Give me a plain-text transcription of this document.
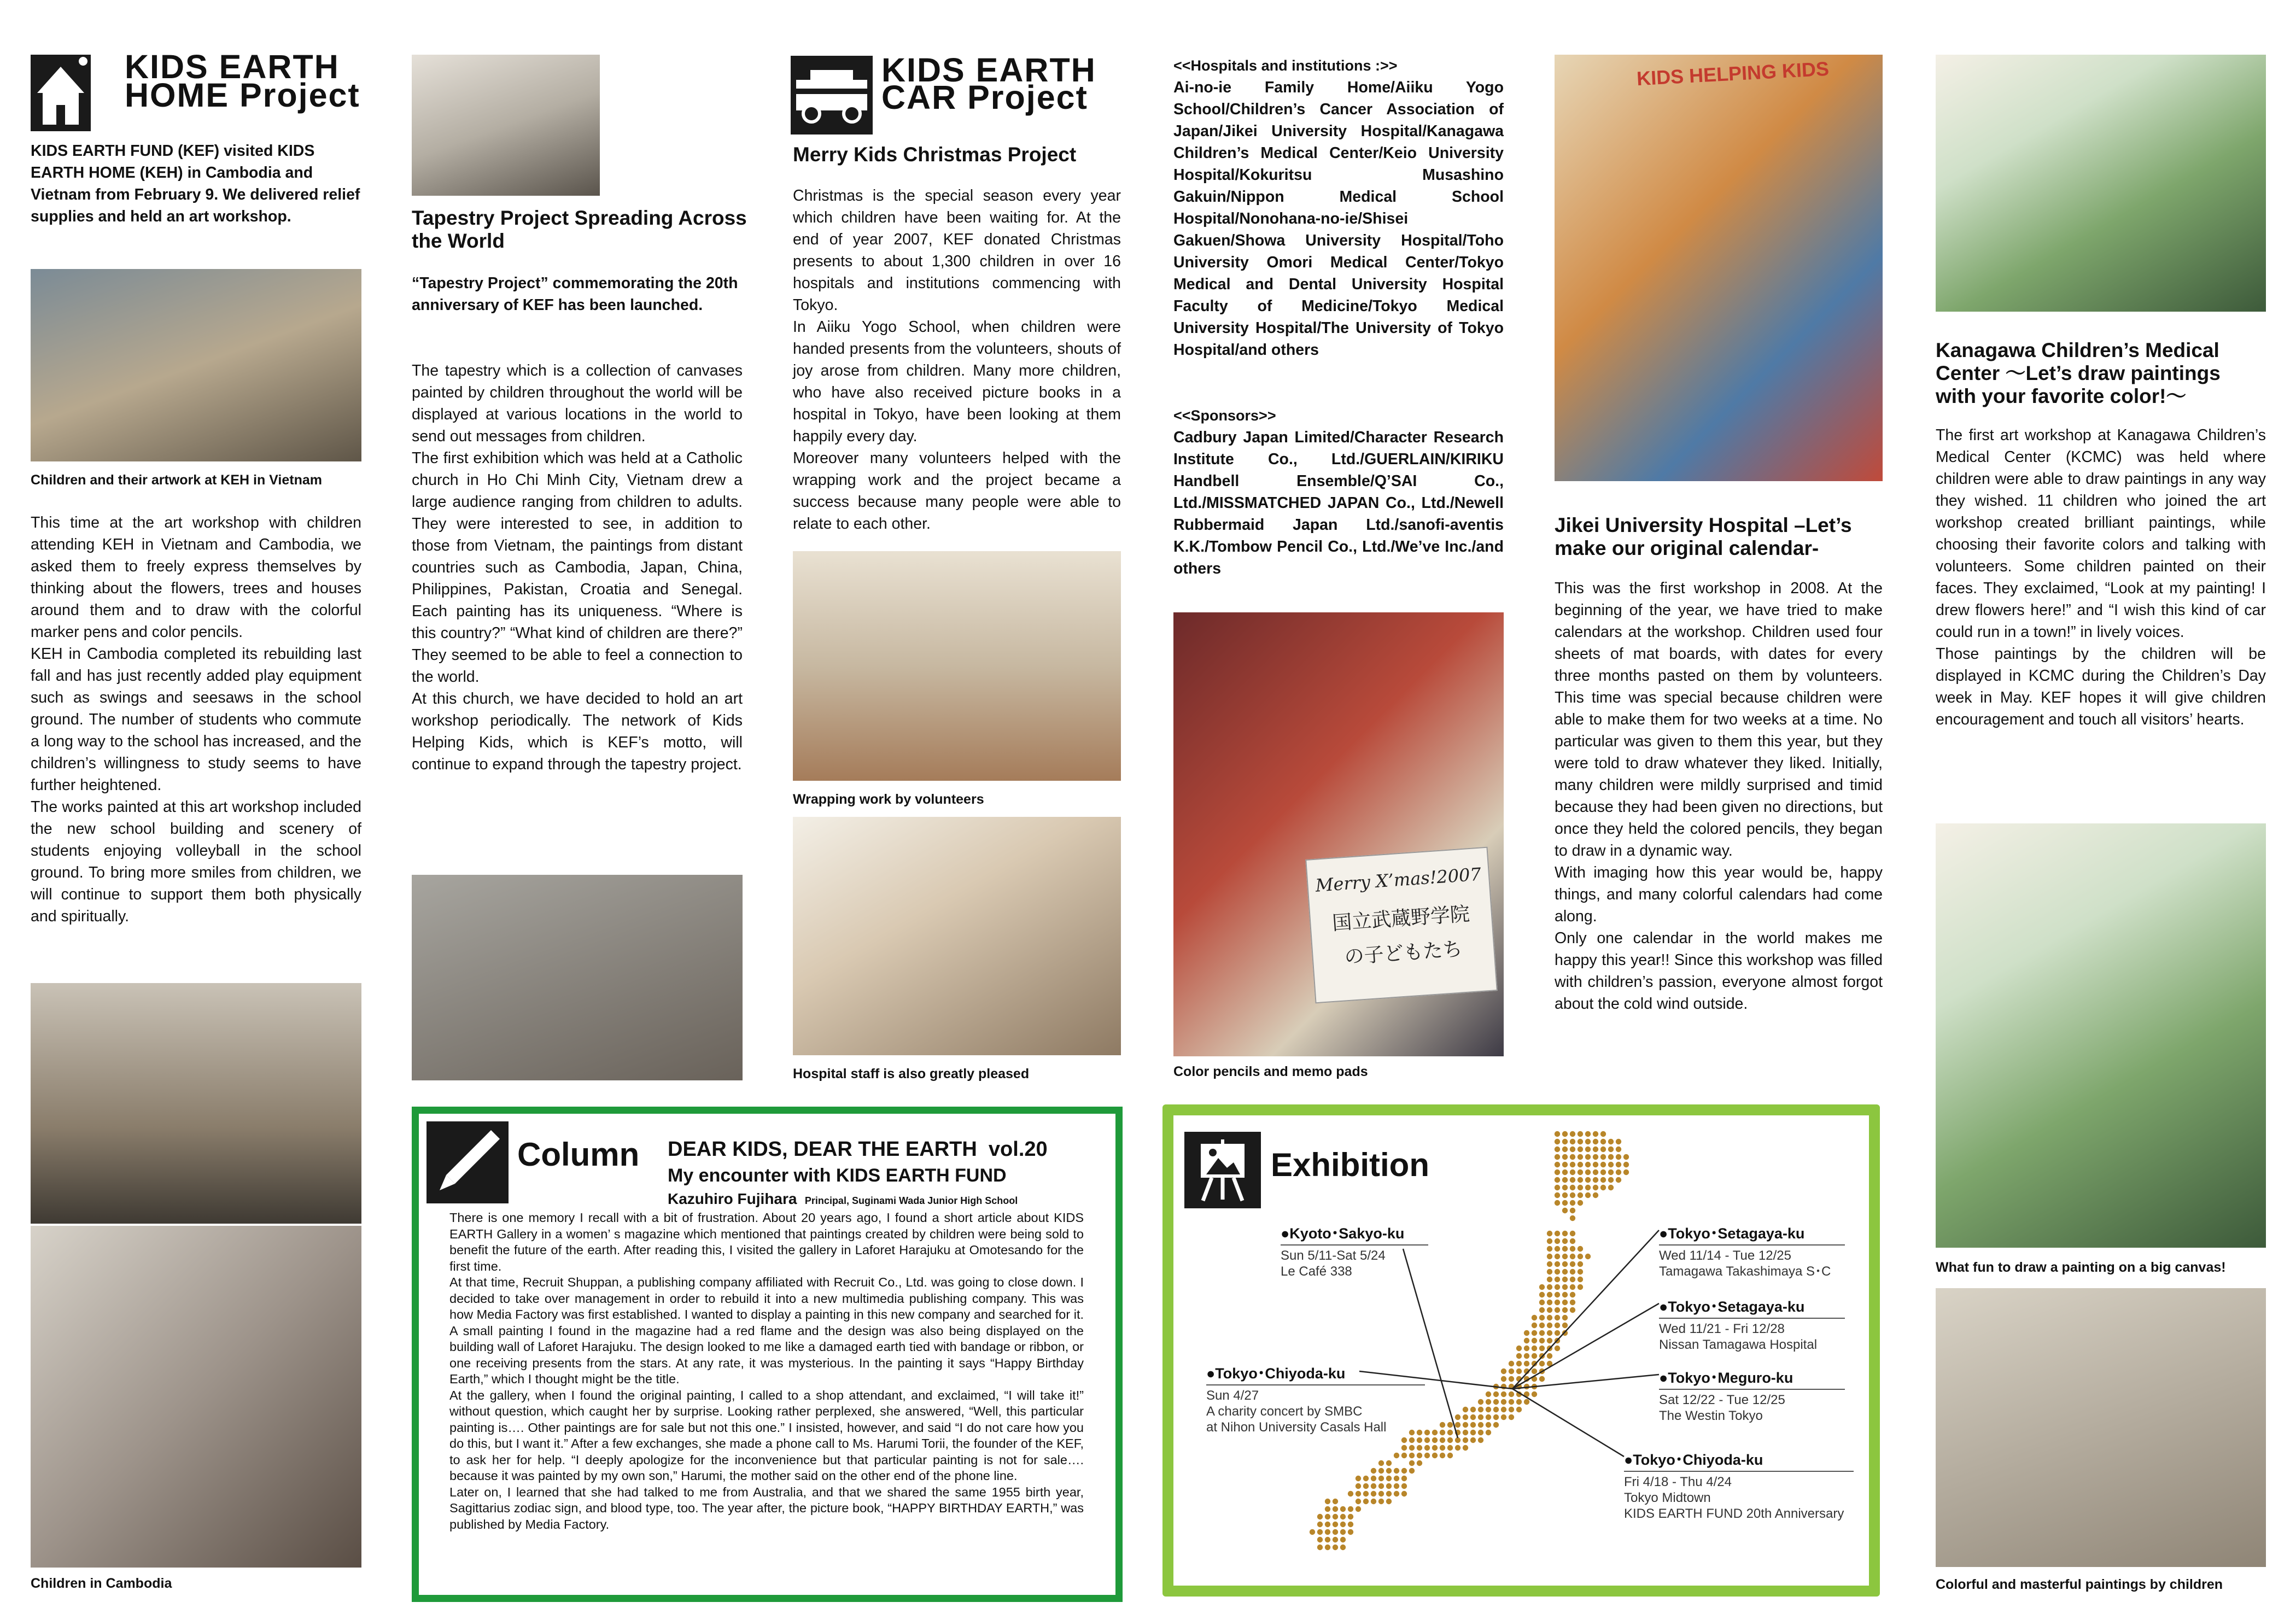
KIDS EARTH
HOME Project
KIDS EARTH FUND (KEF) visited KIDS EARTH HOME (KEH) in Cambodia and Vietnam from February 9. We delivered relief supplies and held an art workshop.
Children and their artwork at KEH in Vietnam
This time at the art workshop with children attending KEH in Vietnam and Cambodia, we asked them to freely express themselves by thinking about the flowers, trees and houses around them and to draw with the colorful marker pens and color pencils.
KEH in Cambodia completed its rebuilding last fall and has just recently added play equipment such as swings and seesaws in the school ground. The number of students who commute a long way to the school has increased, and the children’s willingness to study seems to have further heightened.
The works painted at this art workshop included the new school building and scenery of students enjoying volleyball in the school ground. To bring more smiles from children, we will continue to support them both physically and spiritually.
Children in Cambodia
Tapestry Project Spreading Across the World
“Tapestry Project” commemorating the 20th anniversary of KEF has been launched.
The tapestry which is a collection of canvases painted by children throughout the world will be displayed at various locations in the world to send out messages from children.
The first exhibition which was held at a Catholic church in Ho Chi Minh City, Vietnam drew a large audience ranging from children to adults. They were interested to see, in addition to those from Vietnam, the paintings from distant countries such as Cambodia, Japan, China, Philippines, Pakistan, Croatia and Senegal. Each painting has its uniqueness. “Where is this country?” “What kind of children are there?” They seemed to be able to feel a connection to the world.
At this church, we have decided to hold an art workshop periodically. The network of Kids Helping Kids, which is KEF’s motto, will continue to expand through the tapestry project.
KIDS EARTH
CAR Project
Merry Kids Christmas Project
Christmas is the special season every year which children have been waiting for. At the end of year 2007, KEF donated Christmas presents to about 1,300 children in over 16 hospitals and institutions commencing with Tokyo.
In Aiiku Yogo School, when children were handed presents from the volunteers, shouts of joy arose from children. Many more children, who have also received picture books in a hospital in Tokyo, have been looking at them happily every day.
Moreover many volunteers helped with the wrapping work and the project became a success because many people were able to relate to each other.
Wrapping work by volunteers
Hospital staff is also greatly pleased
<<Hospitals and institutions :>>
Ai-no-ie Family Home/Aiiku Yogo School/Children’s Cancer Association of Japan/Jikei University Hospital/Kanagawa Children’s Medical Center/Keio University Hospital/Kokuritsu Musashino Gakuin/Nippon Medical School Hospital/Nonohana-no-ie/Shisei Gakuen/Showa University Hospital/Toho University Omori Medical Center/Tokyo Medical and Dental University Hospital Faculty of Medicine/Tokyo Medical University Hospital/The University of Tokyo Hospital/and others
<<Sponsors>>
Cadbury Japan Limited/Character Research Institute Co., Ltd./GUERLAIN/KIRIKU Handbell Ensemble/Q’SAI Co., Ltd./MISSMATCHED JAPAN Co., Ltd./Newell Rubbermaid Japan Ltd./sanofi-aventis K.K./Tombow Pencil Co., Ltd./We’ve Inc./and others
Merry X’mas!2007
国立武蔵野学院
の子どもたち
Color pencils and memo pads
KIDS HELPING KIDS
Jikei University Hospital –Let’s make our original calendar-
This was the first workshop in 2008. At the beginning of the year, we have tried to make calendars at the workshop. Children used four sheets of mat boards, with dates for every three months pasted on them by volunteers. This time was special because children were able to make them for two weeks at a time. No particular was given to them this year, but they were told to draw whatever they liked. Initially, many children were mildly surprised and timid because they had been given no directions, but once they held the colored pencils, they began to draw in a dynamic way.
With imaging how this year would be, happy things, and many colorful calendars had come along.
Only one calendar in the world makes me happy this year!! Since this workshop was filled with children’s passion, everyone almost forgot about the cold wind outside.
Kanagawa Children’s Medical Center ～Let’s draw paintings with your favorite color!～
The first art workshop at Kanagawa Children’s Medical Center (KCMC) was held where children were able to draw paintings in any way they wished. 11 children who joined the art workshop created brilliant paintings, while choosing their favorite colors and talking with volunteers. Some children painted on their faces. They exclaimed, “Look at my painting! I drew flowers here!” and “I wish this kind of car could run in a town!” in lively voices.
Those paintings by the children will be displayed in KCMC during the Children’s Day week in May. KEF hopes it will give children encouragement and touch all visitors’ hearts.
What fun to draw a painting on a big canvas!
Colorful and masterful paintings by children
Column DEAR KIDS, DEAR THE EARTH  vol.20
My encounter with KIDS EARTH FUND
Kazuhiro Fujihara Principal, Suginami Wada Junior High School
There is one memory I recall with a bit of frustration. About 20 years ago, I found a short article about KIDS EARTH Gallery in a women’ s magazine which mentioned that paintings created by children were being sold to benefit the future of the earth. After reading this, I visited the gallery in Laforet Harajuku at Omotesando for the first time.
At that time, Recruit Shuppan, a publishing company affiliated with Recruit Co., Ltd. was going to close down. I decided to take over management in order to rebuild it into a new multimedia publishing company. This was how Media Factory was first established. I wanted to display a painting in this new company and searched for it. A small painting I found in the magazine had a red flame and the design was also being displayed on the building wall of Laforet Harajuku. The design looked to me like a damaged earth tied with bandage or ribbon, or one receiving presents from the stars. At any rate, it was mysterious. In the painting it says “Happy Birthday Earth,” which I thought might be the title.
At the gallery, when I found the original painting, I called to a shop attendant, and exclaimed, “I will take it!” without question, which caught her by surprise. Looking rather perplexed, she answered, “Well, this particular painting is…. Other paintings are for sale but not this one.” I insisted, however, and said “I do not care how you do this, but I want it.” After a few exchanges, she made a phone call to Ms. Harumi Torii, the founder of the KEF, to ask her for help. “I deeply apologize for the inconvenience but that particular painting is not for sale…. because it was painted by my own son,” Harumi, the mother said on the other end of the phone line.
Later on, I learned that she had talked to me from Australia, and that we shared the same 1955 birth year, Sagittarius zodiac sign, and blood type, too. The year after, the picture book, “HAPPY BIRTHDAY EARTH,” was published by Media Factory.
Exhibition
●Kyoto･Sakyo-ku
Sun 5/11-Sat 5/24
Le Café 338
●Tokyo･Chiyoda-ku
Sun 4/27
A charity concert by SMBC
at Nihon University Casals Hall
●Tokyo･Setagaya-ku
Wed 11/14 - Tue 12/25
Tamagawa Takashimaya S･C
●Tokyo･Setagaya-ku
Wed 11/21 - Fri 12/28
Nissan Tamagawa Hospital
●Tokyo･Meguro-ku
Sat 12/22 - Tue 12/25
The Westin Tokyo
●Tokyo･Chiyoda-ku
Fri 4/18 - Thu 4/24
Tokyo Midtown
KIDS EARTH FUND 20th Anniversary
